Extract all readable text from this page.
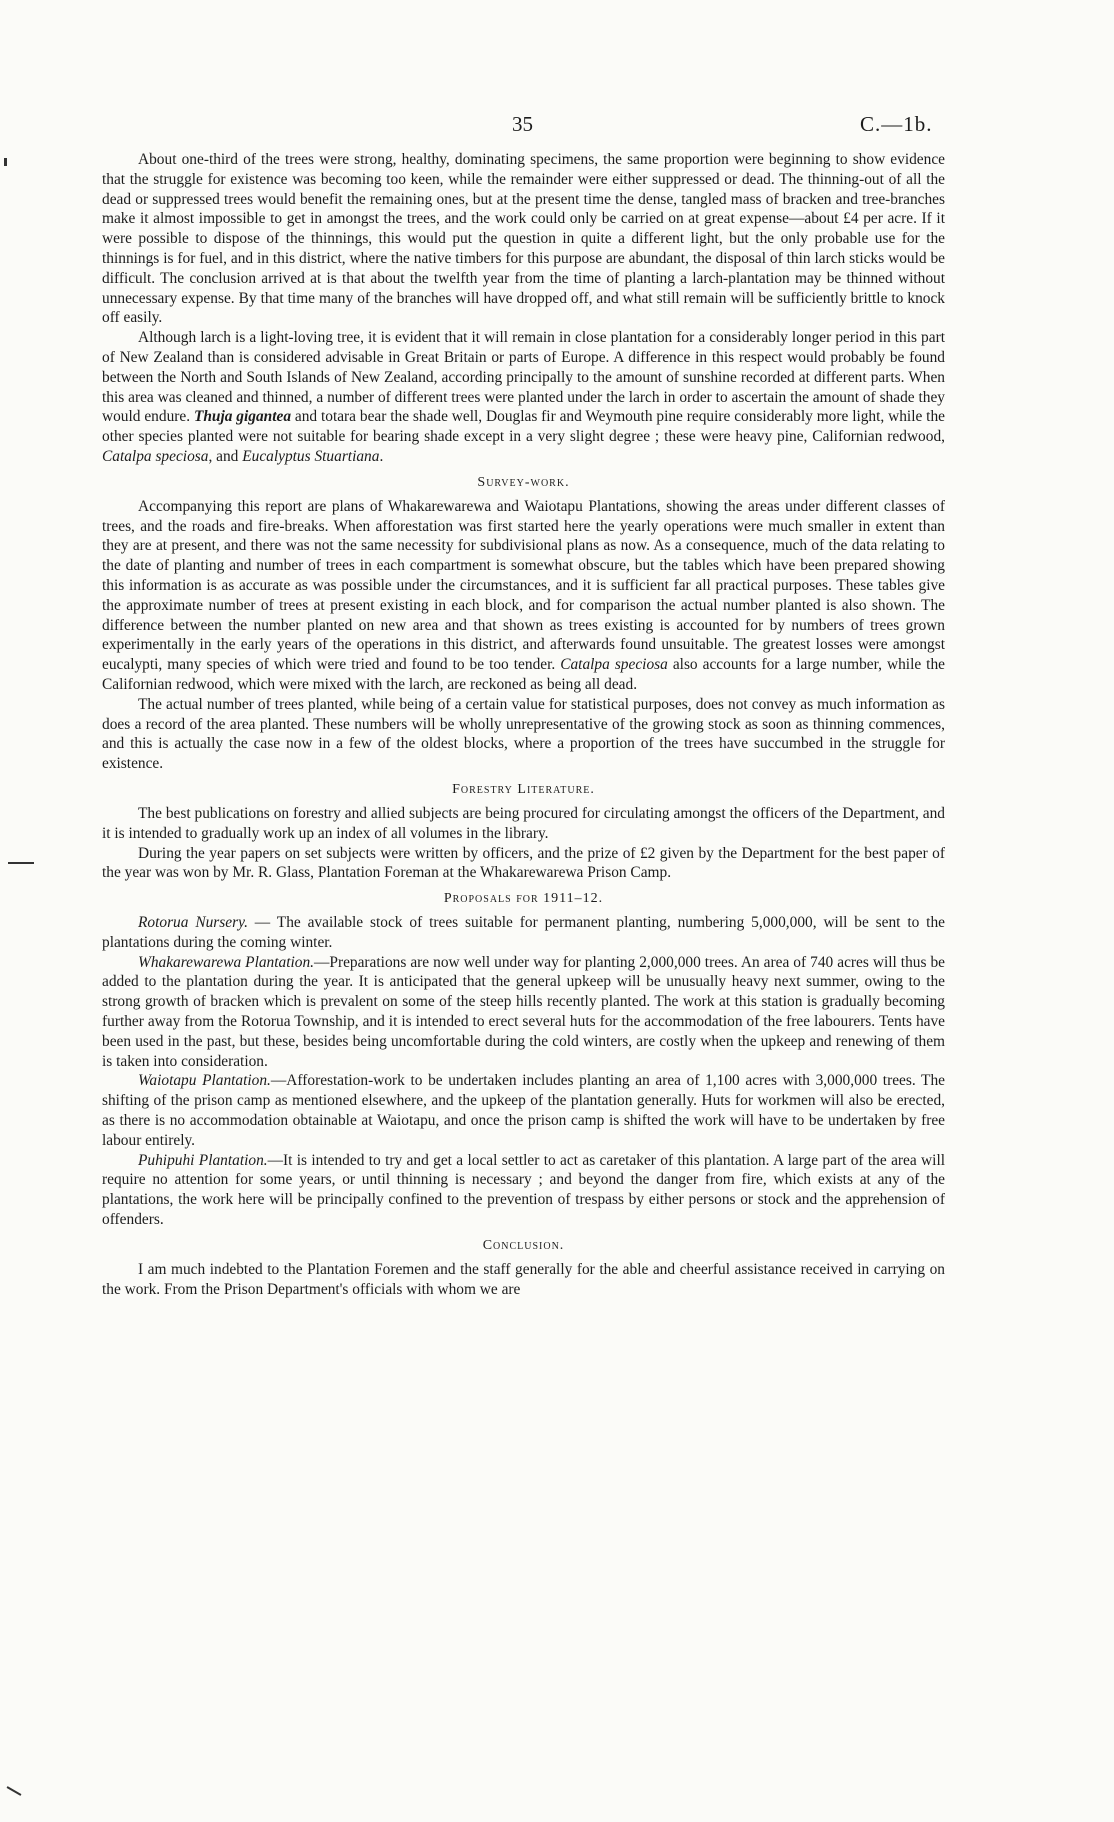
35	C.—1b.

About one-third of the trees were strong, healthy, dominating specimens, the same proportion were beginning to show evidence that the struggle for existence was becoming too keen, while the remainder were either suppressed or dead. The thinning-out of all the dead or suppressed trees would benefit the remaining ones, but at the present time the dense, tangled mass of bracken and tree-branches make it almost impossible to get in amongst the trees, and the work could only be carried on at great expense—about £4 per acre. If it were possible to dispose of the thinnings, this would put the question in quite a different light, but the only probable use for the thinnings is for fuel, and in this district, where the native timbers for this purpose are abundant, the disposal of thin larch sticks would be difficult. The conclusion arrived at is that about the twelfth year from the time of planting a larch-plantation may be thinned without unnecessary expense. By that time many of the branches will have dropped off, and what still remain will be sufficiently brittle to knock off easily.

Although larch is a light-loving tree, it is evident that it will remain in close plantation for a considerably longer period in this part of New Zealand than is considered advisable in Great Britain or parts of Europe. A difference in this respect would probably be found between the North and South Islands of New Zealand, according principally to the amount of sunshine recorded at different parts. When this area was cleaned and thinned, a number of different trees were planted under the larch in order to ascertain the amount of shade they would endure. Thuja gigantea and totara bear the shade well, Douglas fir and Weymouth pine require considerably more light, while the other species planted were not suitable for bearing shade except in a very slight degree ; these were heavy pine, Californian redwood, Catalpa speciosa, and Eucalyptus Stuartiana.

Survey-work.

Accompanying this report are plans of Whakarewarewa and Waiotapu Plantations, showing the areas under different classes of trees, and the roads and fire-breaks. When afforestation was first started here the yearly operations were much smaller in extent than they are at present, and there was not the same necessity for subdivisional plans as now. As a consequence, much of the data relating to the date of planting and number of trees in each compartment is somewhat obscure, but the tables which have been prepared showing this information is as accurate as was possible under the circumstances, and it is sufficient far all practical purposes. These tables give the approximate number of trees at present existing in each block, and for comparison the actual number planted is also shown. The difference between the number planted on new area and that shown as trees existing is accounted for by numbers of trees grown experimentally in the early years of the operations in this district, and afterwards found unsuitable. The greatest losses were amongst eucalypti, many species of which were tried and found to be too tender. Catalpa speciosa also accounts for a large number, while the Californian redwood, which were mixed with the larch, are reckoned as being all dead.

The actual number of trees planted, while being of a certain value for statistical purposes, does not convey as much information as does a record of the area planted. These numbers will be wholly unrepresentative of the growing stock as soon as thinning commences, and this is actually the case now in a few of the oldest blocks, where a proportion of the trees have succumbed in the struggle for existence.

Forestry Literature.

The best publications on forestry and allied subjects are being procured for circulating amongst the officers of the Department, and it is intended to gradually work up an index of all volumes in the library.

During the year papers on set subjects were written by officers, and the prize of £2 given by the Department for the best paper of the year was won by Mr. R. Glass, Plantation Foreman at the Whakarewarewa Prison Camp.

Proposals for 1911–12.

Rotorua Nursery. — The available stock of trees suitable for permanent planting, numbering 5,000,000, will be sent to the plantations during the coming winter.

Whakarewarewa Plantation.—Preparations are now well under way for planting 2,000,000 trees. An area of 740 acres will thus be added to the plantation during the year. It is anticipated that the general upkeep will be unusually heavy next summer, owing to the strong growth of bracken which is prevalent on some of the steep hills recently planted. The work at this station is gradually becoming further away from the Rotorua Township, and it is intended to erect several huts for the accommodation of the free labourers. Tents have been used in the past, but these, besides being uncomfortable during the cold winters, are costly when the upkeep and renewing of them is taken into consideration.

Waiotapu Plantation.—Afforestation-work to be undertaken includes planting an area of 1,100 acres with 3,000,000 trees. The shifting of the prison camp as mentioned elsewhere, and the upkeep of the plantation generally. Huts for workmen will also be erected, as there is no accommodation obtainable at Waiotapu, and once the prison camp is shifted the work will have to be undertaken by free labour entirely.

Puhipuhi Plantation.—It is intended to try and get a local settler to act as caretaker of this plantation. A large part of the area will require no attention for some years, or until thinning is necessary ; and beyond the danger from fire, which exists at any of the plantations, the work here will be principally confined to the prevention of trespass by either persons or stock and the apprehension of offenders.

Conclusion.

I am much indebted to the Plantation Foremen and the staff generally for the able and cheerful assistance received in carrying on the work. From the Prison Department's officials with whom we are
